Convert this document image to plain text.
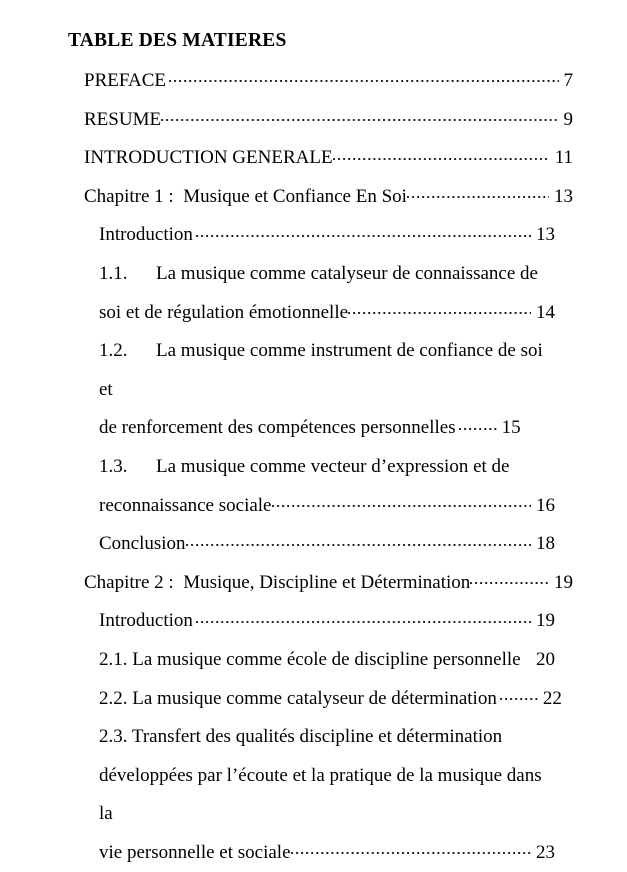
TABLE DES MATIERES
PREFACE	7
RESUME	9
INTRODUCTION GENERALE	11
Chapitre 1 :  Musique et Confiance En Soi	13
Introduction	13
1.1.  La musique comme catalyseur de connaissance de
soi et de régulation émotionnelle	14
1.2.  La musique comme instrument de confiance de soi et
de renforcement des compétences personnelles 15
1.3.  La musique comme vecteur d’expression et de
reconnaissance sociale	16
Conclusion	18
Chapitre 2 :  Musique, Discipline et Détermination	19
Introduction	19
2.1. La musique comme école de discipline personnelle 20
2.2. La musique comme catalyseur de détermination 22
2.3. Transfert des qualités discipline et détermination
développées par l’écoute et la pratique de la musique dans la
vie personnelle et sociale	23
